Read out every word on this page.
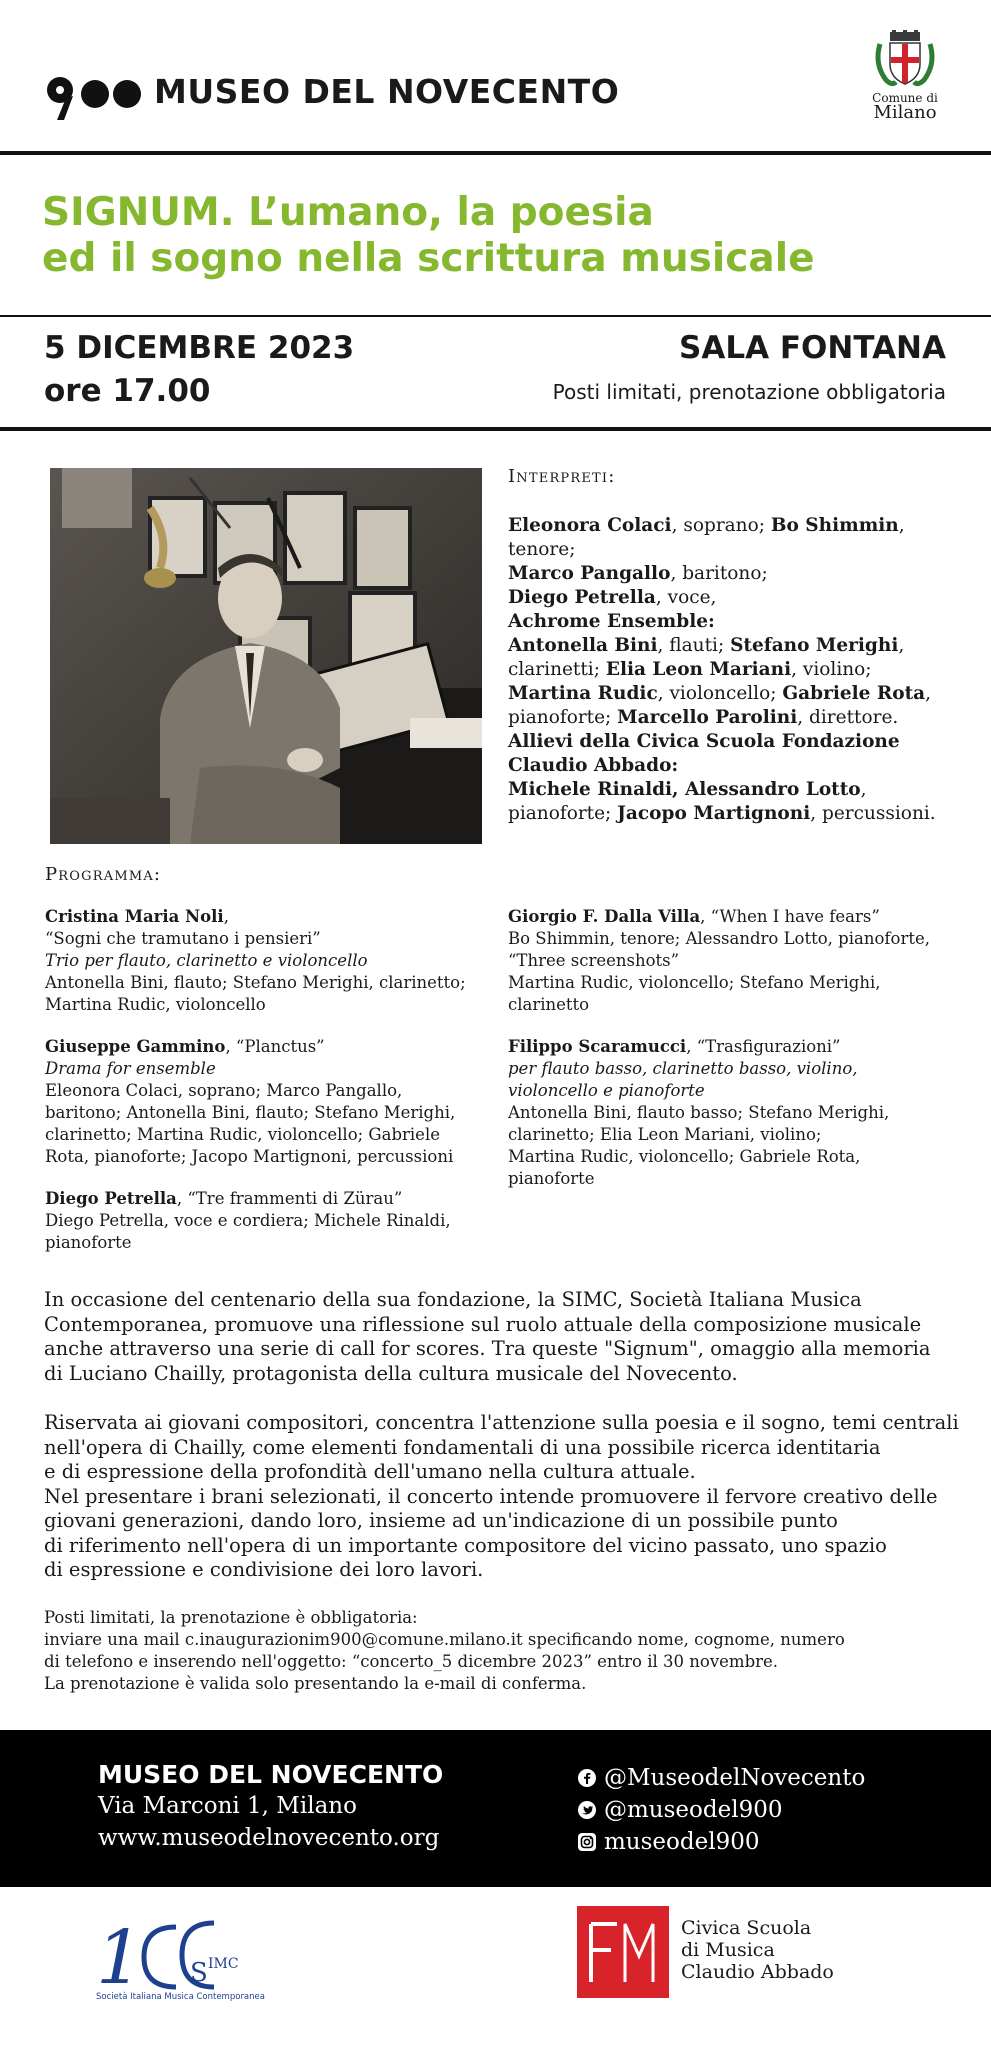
MUSEO DEL NOVECENTO	Comune di
Milano
SIGNUM. L’umano, la poesia
ed il sogno nella scrittura musicale
5 DICEMBRE 2023
ore 17.00
SALA FONTANA
Posti limitati, prenotazione obbligatoria
Interpreti:
Eleonora Colaci, soprano; Bo Shimmin, tenore;
Marco Pangallo, baritono;
Diego Petrella, voce,
Achrome Ensemble:
Antonella Bini, flauti; Stefano Merighi,
clarinetti; Elia Leon Mariani, violino;
Martina Rudic, violoncello; Gabriele Rota,
pianoforte; Marcello Parolini, direttore.
Allievi della Civica Scuola Fondazione
Claudio Abbado:
Michele Rinaldi, Alessandro Lotto,
pianoforte; Jacopo Martignoni, percussioni.
Programma:
Cristina Maria Noli,
“Sogni che tramutano i pensieri”
Trio per flauto, clarinetto e violoncello
Antonella Bini, flauto; Stefano Merighi, clarinetto;
Martina Rudic, violoncello
Giuseppe Gammino, “Planctus”
Drama for ensemble
Eleonora Colaci, soprano; Marco Pangallo,
baritono; Antonella Bini, flauto; Stefano Merighi,
clarinetto; Martina Rudic, violoncello; Gabriele
Rota, pianoforte; Jacopo Martignoni, percussioni
Diego Petrella, “Tre frammenti di Zürau”
Diego Petrella, voce e cordiera; Michele Rinaldi,
pianoforte
Giorgio F. Dalla Villa, “When I have fears”
Bo Shimmin, tenore; Alessandro Lotto, pianoforte,
“Three screenshots”
Martina Rudic, violoncello; Stefano Merighi,
clarinetto
Filippo Scaramucci, “Trasfigurazioni”
per flauto basso, clarinetto basso, violino,
violoncello e pianoforte
Antonella Bini, flauto basso; Stefano Merighi,
clarinetto; Elia Leon Mariani, violino;
Martina Rudic, violoncello; Gabriele Rota,
pianoforte
In occasione del centenario della sua fondazione, la SIMC, Società Italiana Musica
Contemporanea, promuove una riflessione sul ruolo attuale della composizione musicale
anche attraverso una serie di call for scores. Tra queste "Signum", omaggio alla memoria
di Luciano Chailly, protagonista della cultura musicale del Novecento.
Riservata ai giovani compositori, concentra l'attenzione sulla poesia e il sogno, temi centrali
nell'opera di Chailly, come elementi fondamentali di una possibile ricerca identitaria
e di espressione della profondità dell'umano nella cultura attuale.
Nel presentare i brani selezionati, il concerto intende promuovere il fervore creativo delle
giovani generazioni, dando loro, insieme ad un'indicazione di un possibile punto
di riferimento nell'opera di un importante compositore del vicino passato, uno spazio
di espressione e condivisione dei loro lavori.
Posti limitati, la prenotazione è obbligatoria:
inviare una mail c.inaugurazionim900@comune.milano.it specificando nome, cognome, numero
di telefono e inserendo nell'oggetto: “concerto_5 dicembre 2023” entro il 30 novembre.
La prenotazione è valida solo presentando la e-mail di conferma.
MUSEO DEL NOVECENTO
Via Marconi 1, Milano
www.museodelnovecento.org
@MuseodelNovecento
@museodel900
museodel900
1 S IMC
Società Italiana Musica Contemporanea
Civica Scuola
di Musica
Claudio Abbado
